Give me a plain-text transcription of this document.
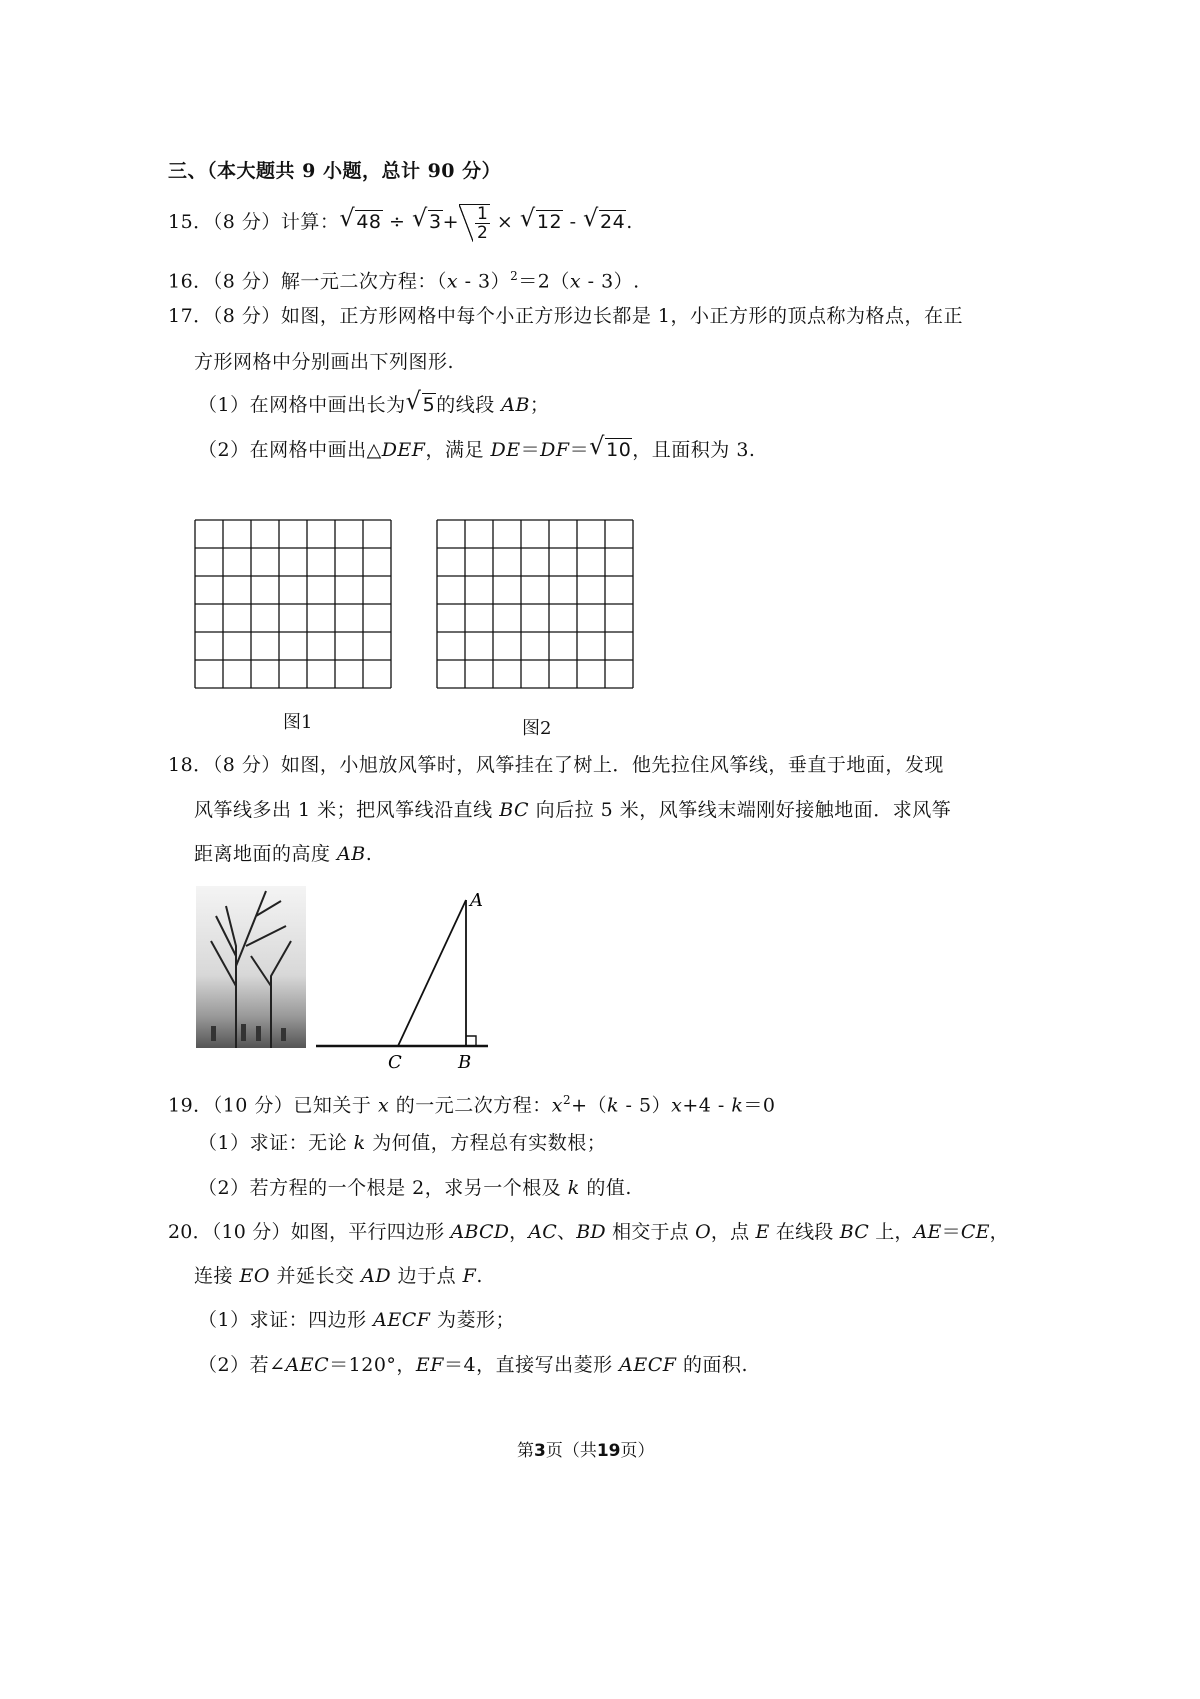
三、（本大题共 9 小题，总计 90 分）
15．（8 分）计算： √ 48 ÷ √ $3+ \frac{1}{2}$ × √ 12 - √ 24.
16．（8 分）解一元二次方程：（x - 3）$^2$＝2（x - 3）.
17．（8 分）如图，正方形网格中每个小正方形边长都是 1，小正方形的顶点称为格点，在正
方形网格中分别画出下列图形.
（1）在网格中画出长为 √ 5的线段 AB；
（2）在网格中画出△DEF，满足 DE＝DF＝ √ 10，且面积为 3.
图1	图2
18．（8 分）如图，小旭放风筝时，风筝挂在了树上．他先拉住风筝线，垂直于地面，发现
风筝线多出 1 米；把风筝线沿直线 BC 向后拉 5 米，风筝线末端刚好接触地面．求风筝
距离地面的高度 AB.
A
B
C
19．（10 分）已知关于 x 的一元二次方程：$x^2+(k - 5)x+4 - k=0$
（1）求证：无论 k 为何值，方程总有实数根；
（2）若方程的一个根是 2，求另一个根及 k 的值.
20．（10 分）如图，平行四边形 ABCD，AC、BD 相交于点 O，点 E 在线段 BC 上，AE＝CE，
连接 EO 并延长交 AD 边于点 F.
（1）求证：四边形 AECF 为菱形；
（2）若∠AEC＝120°，EF＝4，直接写出菱形 AECF 的面积.
第3页（共19页）
